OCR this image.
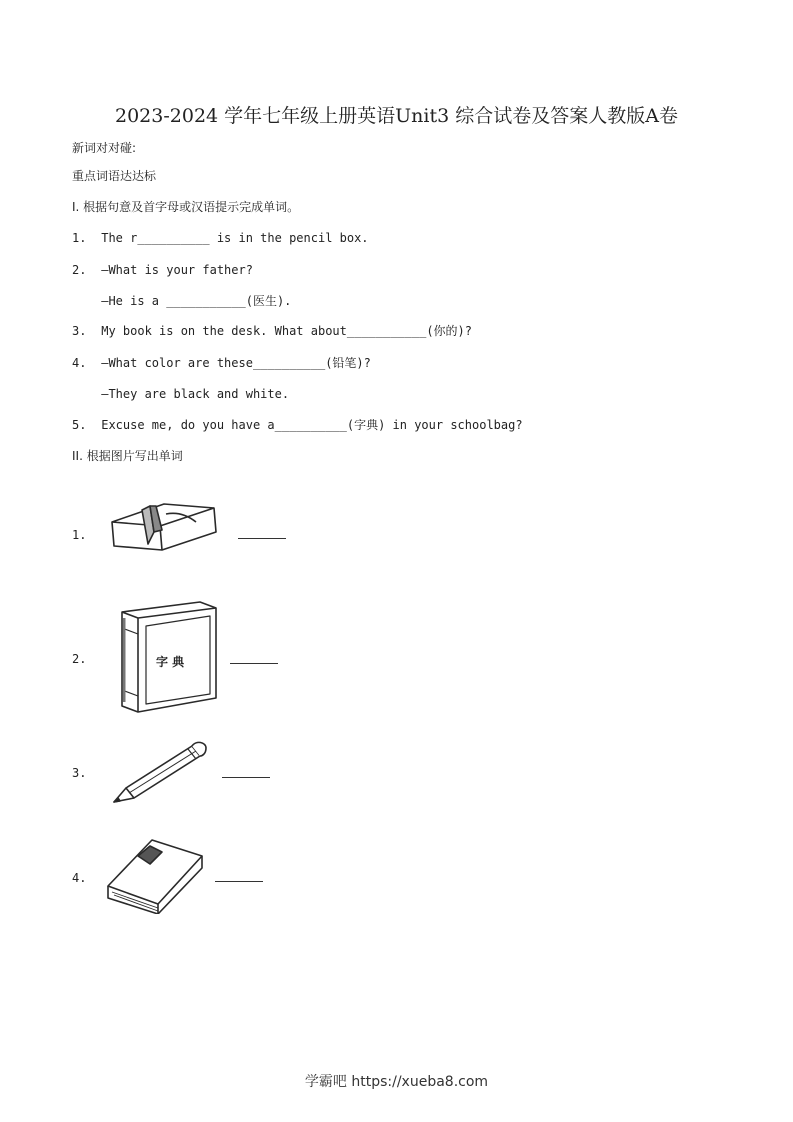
2023-2024 学年七年级上册英语Unit3 综合试卷及答案人教版A卷
新词对对碰:
重点词语达达标
I. 根据句意及首字母或汉语提示完成单词。
1. The r__________ is in the pencil box.
2. —What is your father?
—He is a ___________(医生).
3. My book is on the desk. What about___________(你的)?
4. —What color are these__________(铅笔)?
—They are black and white.
5. Excuse me, do you have a__________(字典) in your schoolbag?
II. 根据图片写出单词
1.
2.	字 典
3.
4.
学霸吧 https://xueba8.com
